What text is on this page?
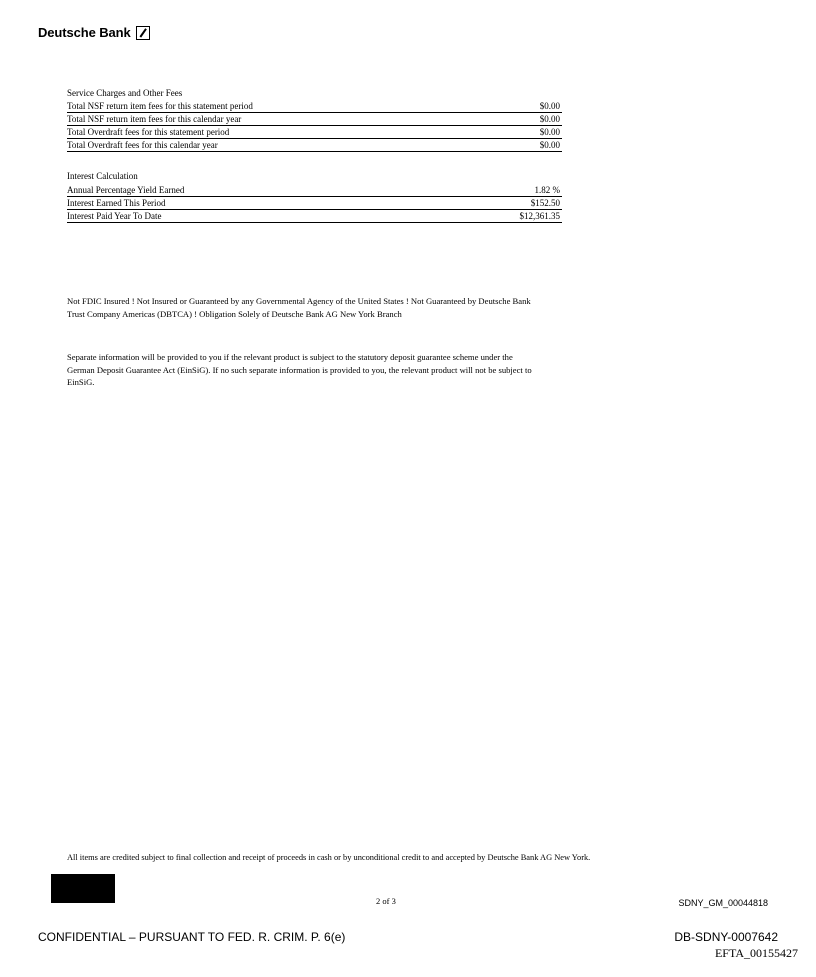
Deutsche Bank
Service Charges and Other Fees
Total NSF return item fees for this statement period	$0.00
Total NSF return item fees for this calendar year	$0.00
Total Overdraft fees for this statement period	$0.00
Total Overdraft fees for this calendar year	$0.00
Interest Calculation
Annual Percentage Yield Earned	1.82 %
Interest Earned This Period	$152.50
Interest Paid Year To Date	$12,361.35
Not FDIC Insured ! Not Insured or Guaranteed by any Governmental Agency of the United States ! Not Guaranteed by Deutsche Bank Trust Company Americas (DBTCA) ! Obligation Solely of Deutsche Bank AG New York Branch
Separate information will be provided to you if the relevant product is subject to the statutory deposit guarantee scheme under the German Deposit Guarantee Act (EinSiG). If no such separate information is provided to you, the relevant product will not be subject to EinSiG.
All items are credited subject to final collection and receipt of proceeds in cash or by unconditional credit to and accepted by Deutsche Bank AG New York.
2 of 3	SDNY_GM_00044818
CONFIDENTIAL – PURSUANT TO FED. R. CRIM. P. 6(e)	DB-SDNY-0007642
EFTA_00155427
